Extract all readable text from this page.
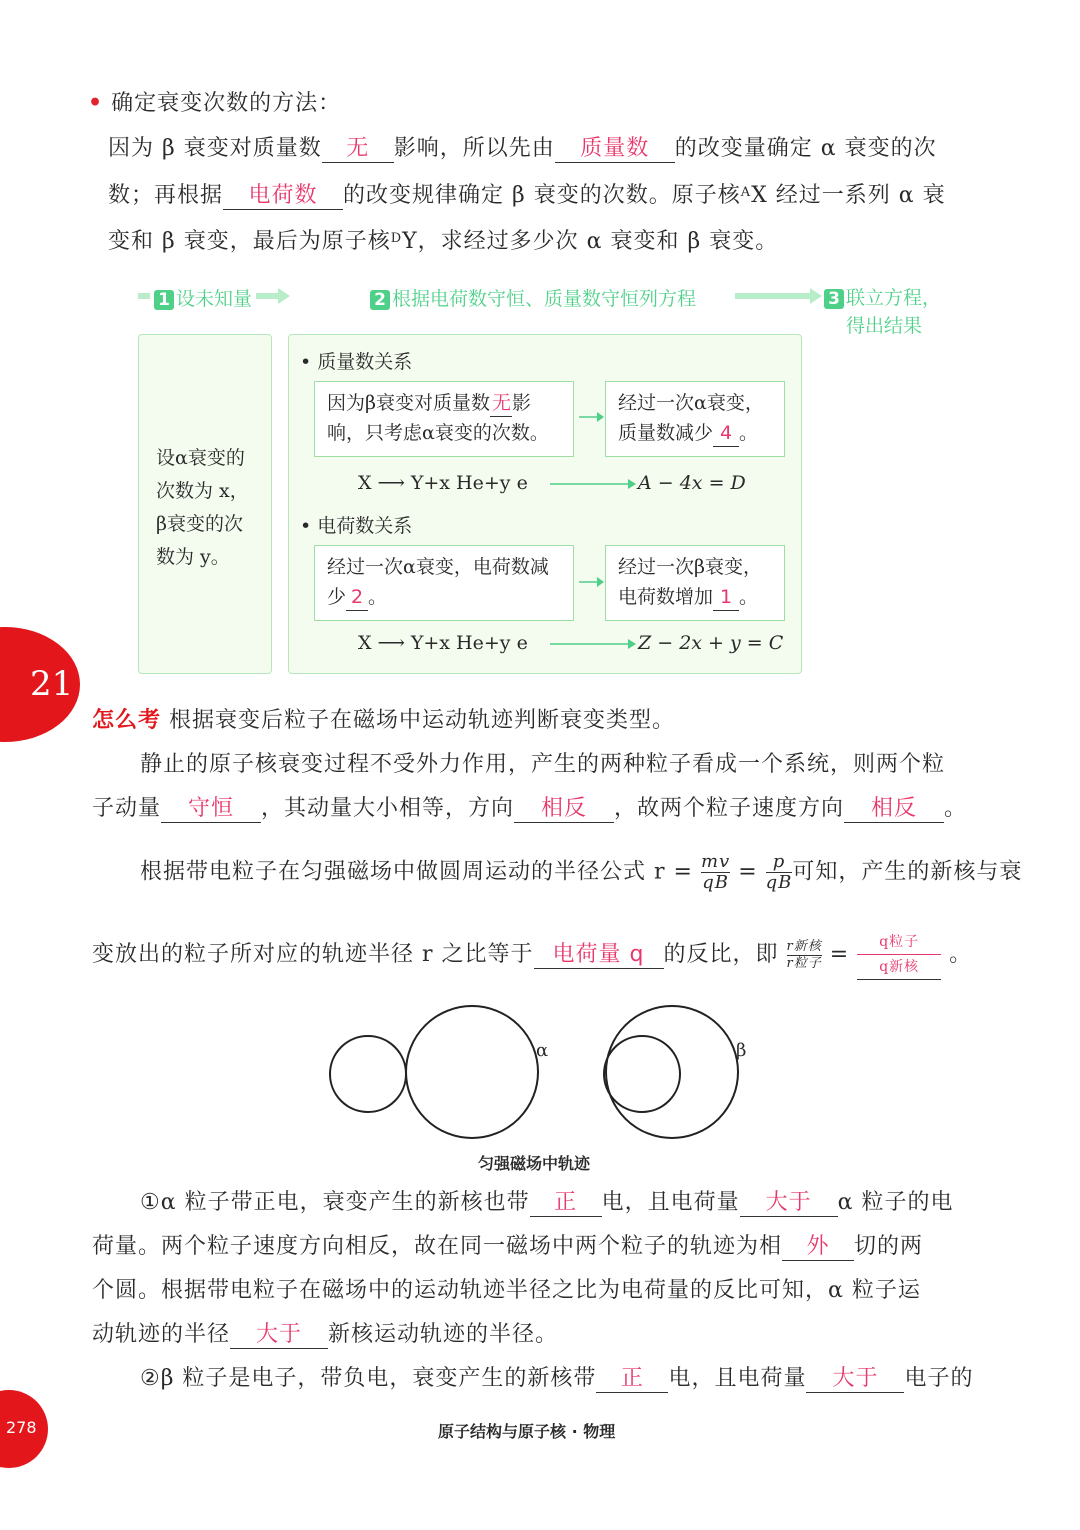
• 确定衰变次数的方法：
因为 β 衰变对质量数 无 影响，所以先由 质量数 的改变量确定 α 衰变的次
数；再根据 电荷数 的改变规律确定 β 衰变的次数。原子核$^A$X 经过一系列 α 衰
变和 β 衰变，最后为原子核$^D$Y，求经过多少次 α 衰变和 β 衰变。
1 设未知量	2 根据电荷数守恒、质量数守恒列方程	3 联立方程，
得出结果
设α衰变的
次数为 x，
β衰变的次
数为 y。
• 质量数关系
因为β衰变对质量数 无影响，只考虑α衰变的次数。
经过一次α衰变，质量数减少 4 。
X ⟶ Y+x He+y e	A − 4x = D
• 电荷数关系
经过一次α衰变，电荷数减少 2 。
经过一次β衰变，电荷数增加 1 。
X ⟶ Y+x He+y e	Z − 2x + y = C
21
怎么考 根据衰变后粒子在磁场中运动轨迹判断衰变类型。
静止的原子核衰变过程不受外力作用，产生的两种粒子看成一个系统，则两个粒
子动量 守恒 ，其动量大小相等，方向 相反 ，故两个粒子速度方向 相反 。
根据带电粒子在匀强磁场中做圆周运动的半径公式 $r = \frac{mv}{qB} = \frac{p}{qB}$ 可知，产生的新核与衰
变放出的粒子所对应的轨迹半径 r 之比等于 电荷量 q 的反比，即 r新核
r粒子 =	q粒子
q新核	。
α	β
匀强磁场中轨迹
①α 粒子带正电，衰变产生的新核也带 正 电，且电荷量 大于 α 粒子的电
荷量。两个粒子速度方向相反，故在同一磁场中两个粒子的轨迹为相 外 切的两
个圆。根据带电粒子在磁场中的运动轨迹半径之比为电荷量的反比可知，α 粒子运
动轨迹的半径 大于 新核运动轨迹的半径。
②β 粒子是电子，带负电，衰变产生的新核带 正 电，且电荷量 大于 电子的
278	原子结构与原子核 · 物理
